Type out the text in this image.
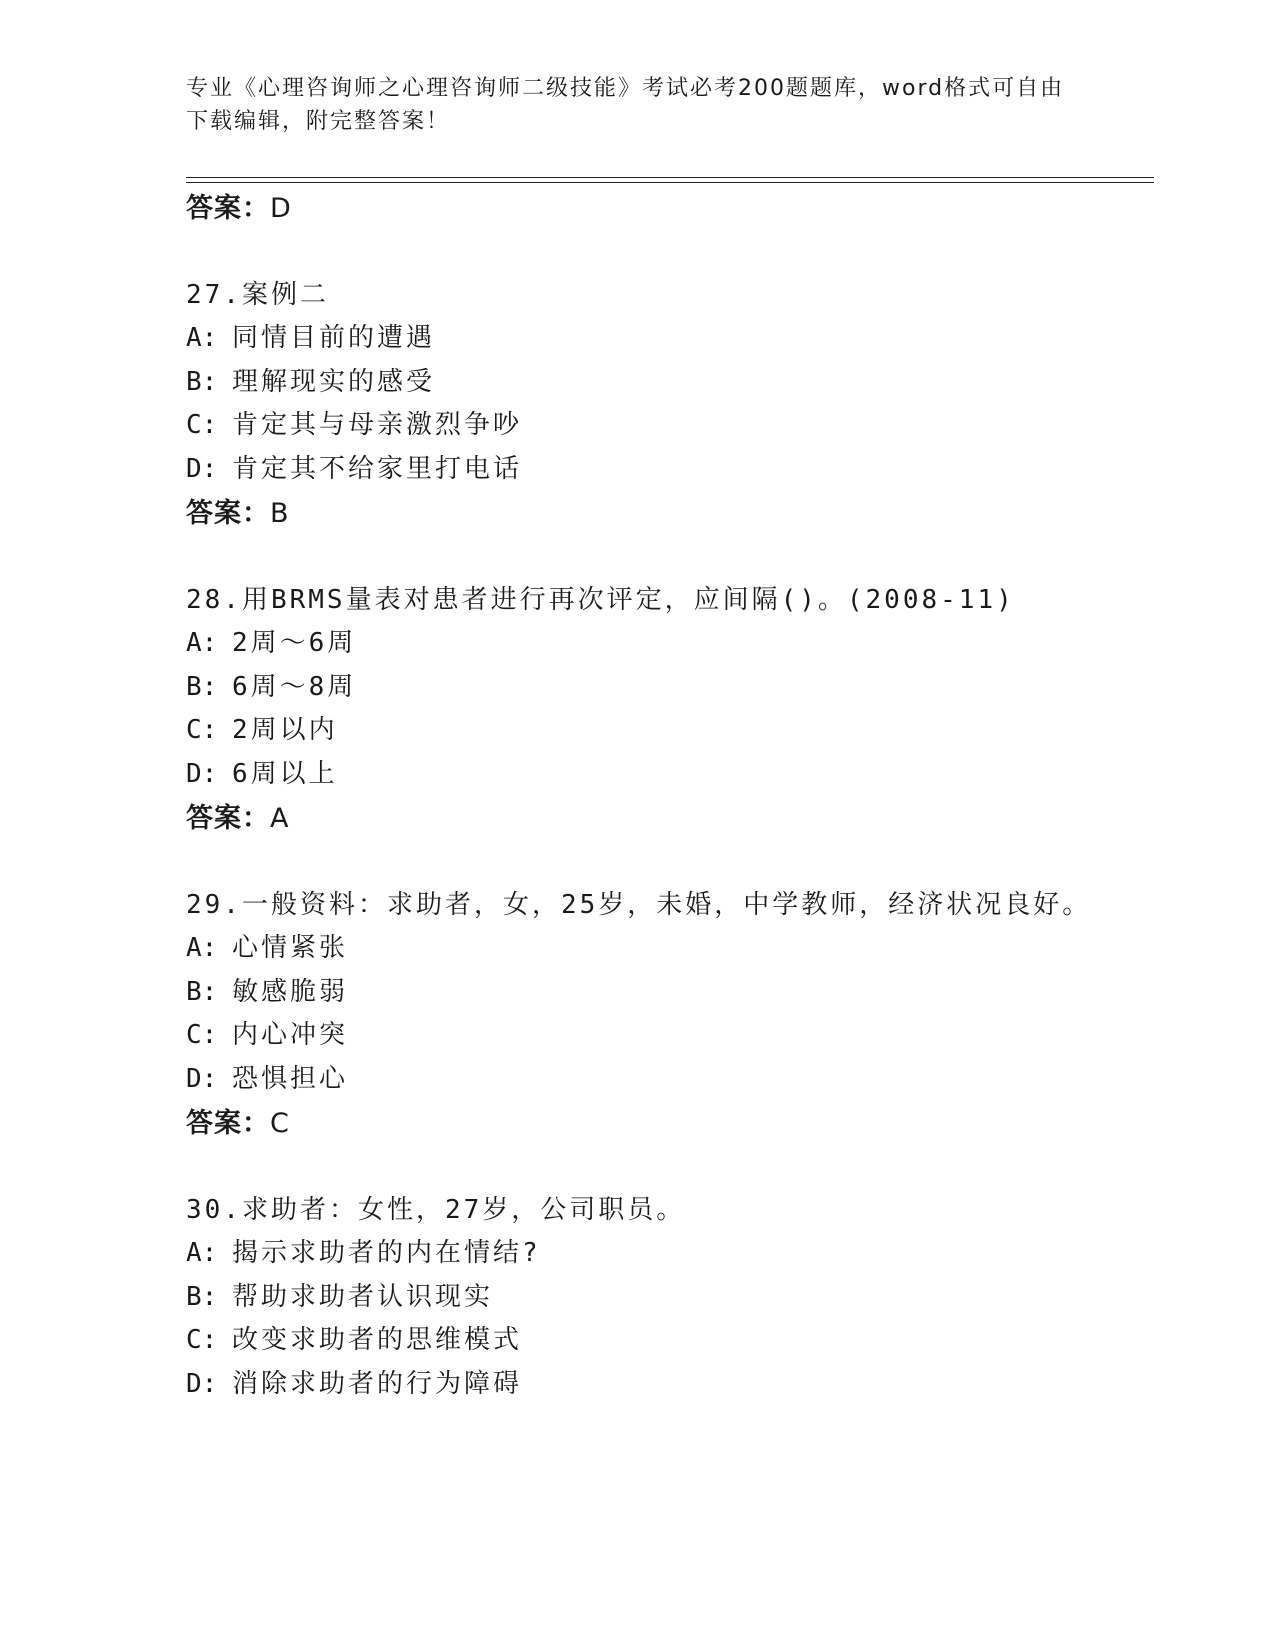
专业《心理咨询师之心理咨询师二级技能》考试必考200题题库，word格式可自由下载编辑，附完整答案！
答案：D
27.案例二
A: 同情目前的遭遇
B: 理解现实的感受
C: 肯定其与母亲激烈争吵
D: 肯定其不给家里打电话
答案：B
28.用BRMS量表对患者进行再次评定，应间隔()。(2008-11)
A: 2周～6周
B: 6周～8周
C: 2周以内
D: 6周以上
答案：A
29.一般资料：求助者，女，25岁，未婚，中学教师，经济状况良好。
A: 心情紧张
B: 敏感脆弱
C: 内心冲突
D: 恐惧担心
答案：C
30.求助者：女性，27岁，公司职员。
A: 揭示求助者的内在情结?
B: 帮助求助者认识现实
C: 改变求助者的思维模式
D: 消除求助者的行为障碍
